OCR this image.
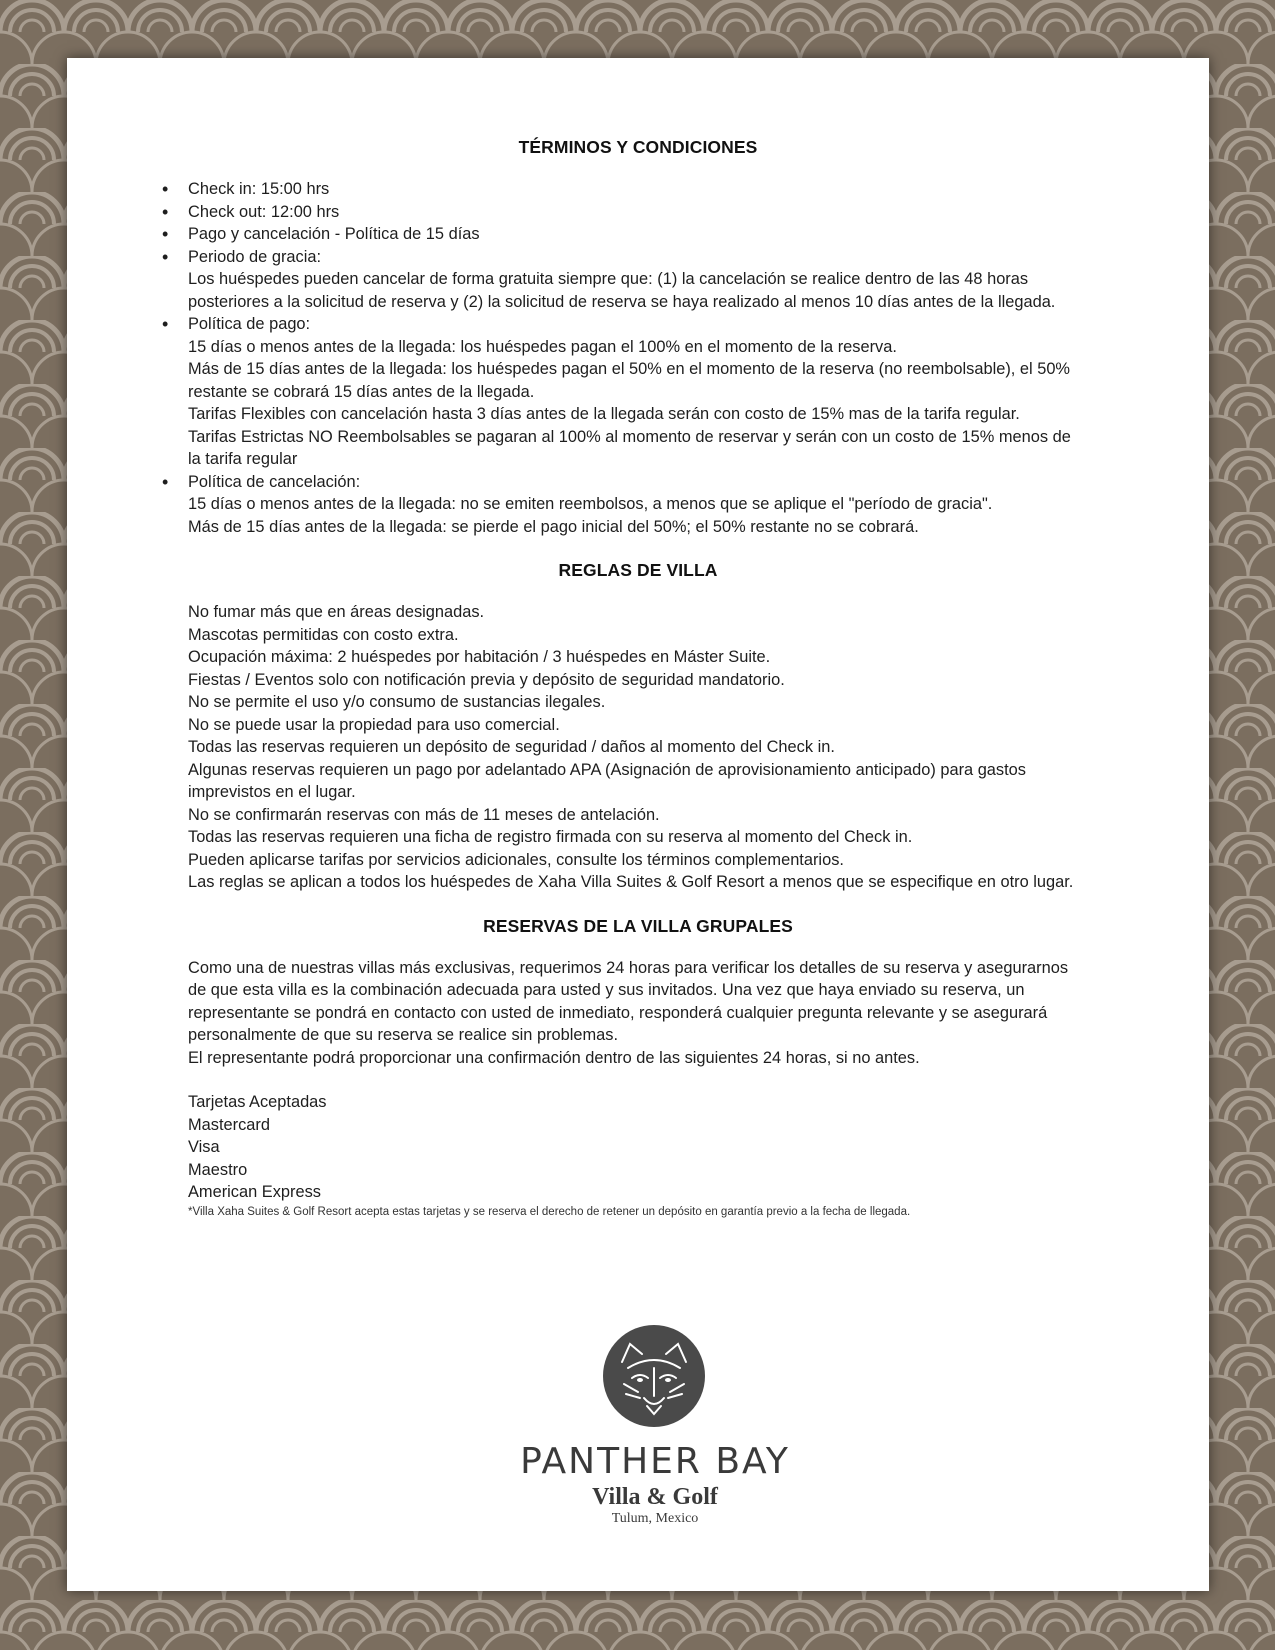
TÉRMINOS Y CONDICIONES
• Check in: 15:00 hrs
• Check out: 12:00 hrs
• Pago y cancelación - Política de 15 días
• Periodo de gracia:
Los huéspedes pueden cancelar de forma gratuita siempre que: (1) la cancelación se realice dentro de las 48 horas posteriores a la solicitud de reserva y (2) la solicitud de reserva se haya realizado al menos 10 días antes de la llegada.
• Política de pago:
15 días o menos antes de la llegada: los huéspedes pagan el 100% en el momento de la reserva.
Más de 15 días antes de la llegada: los huéspedes pagan el 50% en el momento de la reserva (no reembolsable), el 50% restante se cobrará 15 días antes de la llegada.
Tarifas Flexibles con cancelación hasta 3 días antes de la llegada serán con costo de 15% mas de la tarifa regular.
Tarifas Estrictas NO Reembolsables se pagaran al 100% al momento de reservar y serán con un costo de 15% menos de la tarifa regular
• Política de cancelación:
15 días o menos antes de la llegada: no se emiten reembolsos, a menos que se aplique el "período de gracia".
Más de 15 días antes de la llegada: se pierde el pago inicial del 50%; el 50% restante no se cobrará.
REGLAS DE VILLA

No fumar más que en áreas designadas.

Mascotas permitidas con costo extra.

Ocupación máxima: 2 huéspedes por habitación / 3 huéspedes en Máster Suite.

Fiestas / Eventos solo con notificación previa y depósito de seguridad mandatorio.

No se permite el uso y/o consumo de sustancias ilegales.

No se puede usar la propiedad para uso comercial.

Todas las reservas requieren un depósito de seguridad / daños al momento del Check in.

Algunas reservas requieren un pago por adelantado APA (Asignación de aprovisionamiento anticipado) para gastos imprevistos en el lugar.

No se confirmarán reservas con más de 11 meses de antelación.

Todas las reservas requieren una ficha de registro firmada con su reserva al momento del Check in.

Pueden aplicarse tarifas por servicios adicionales, consulte los términos complementarios.

Las reglas se aplican a todos los huéspedes de Xaha Villa Suites & Golf Resort a menos que se especifique en otro lugar.

RESERVAS DE LA VILLA GRUPALES

Como una de nuestras villas más exclusivas, requerimos 24 horas para verificar los detalles de su reserva y asegurarnos de que esta villa es la combinación adecuada para usted y sus invitados. Una vez que haya enviado su reserva, un representante se pondrá en contacto con usted de inmediato, responderá cualquier pregunta relevante y se asegurará personalmente de que su reserva se realice sin problemas.

El representante podrá proporcionar una confirmación dentro de las siguientes 24 horas, si no antes.

Tarjetas Aceptadas

Mastercard

Visa

Maestro

American Express

*Villa Xaha Suites & Golf Resort acepta estas tarjetas y se reserva el derecho de retener un depósito en garantía previo a la fecha de llegada.

PANTHER BAY
Villa & Golf
Tulum, Mexico
